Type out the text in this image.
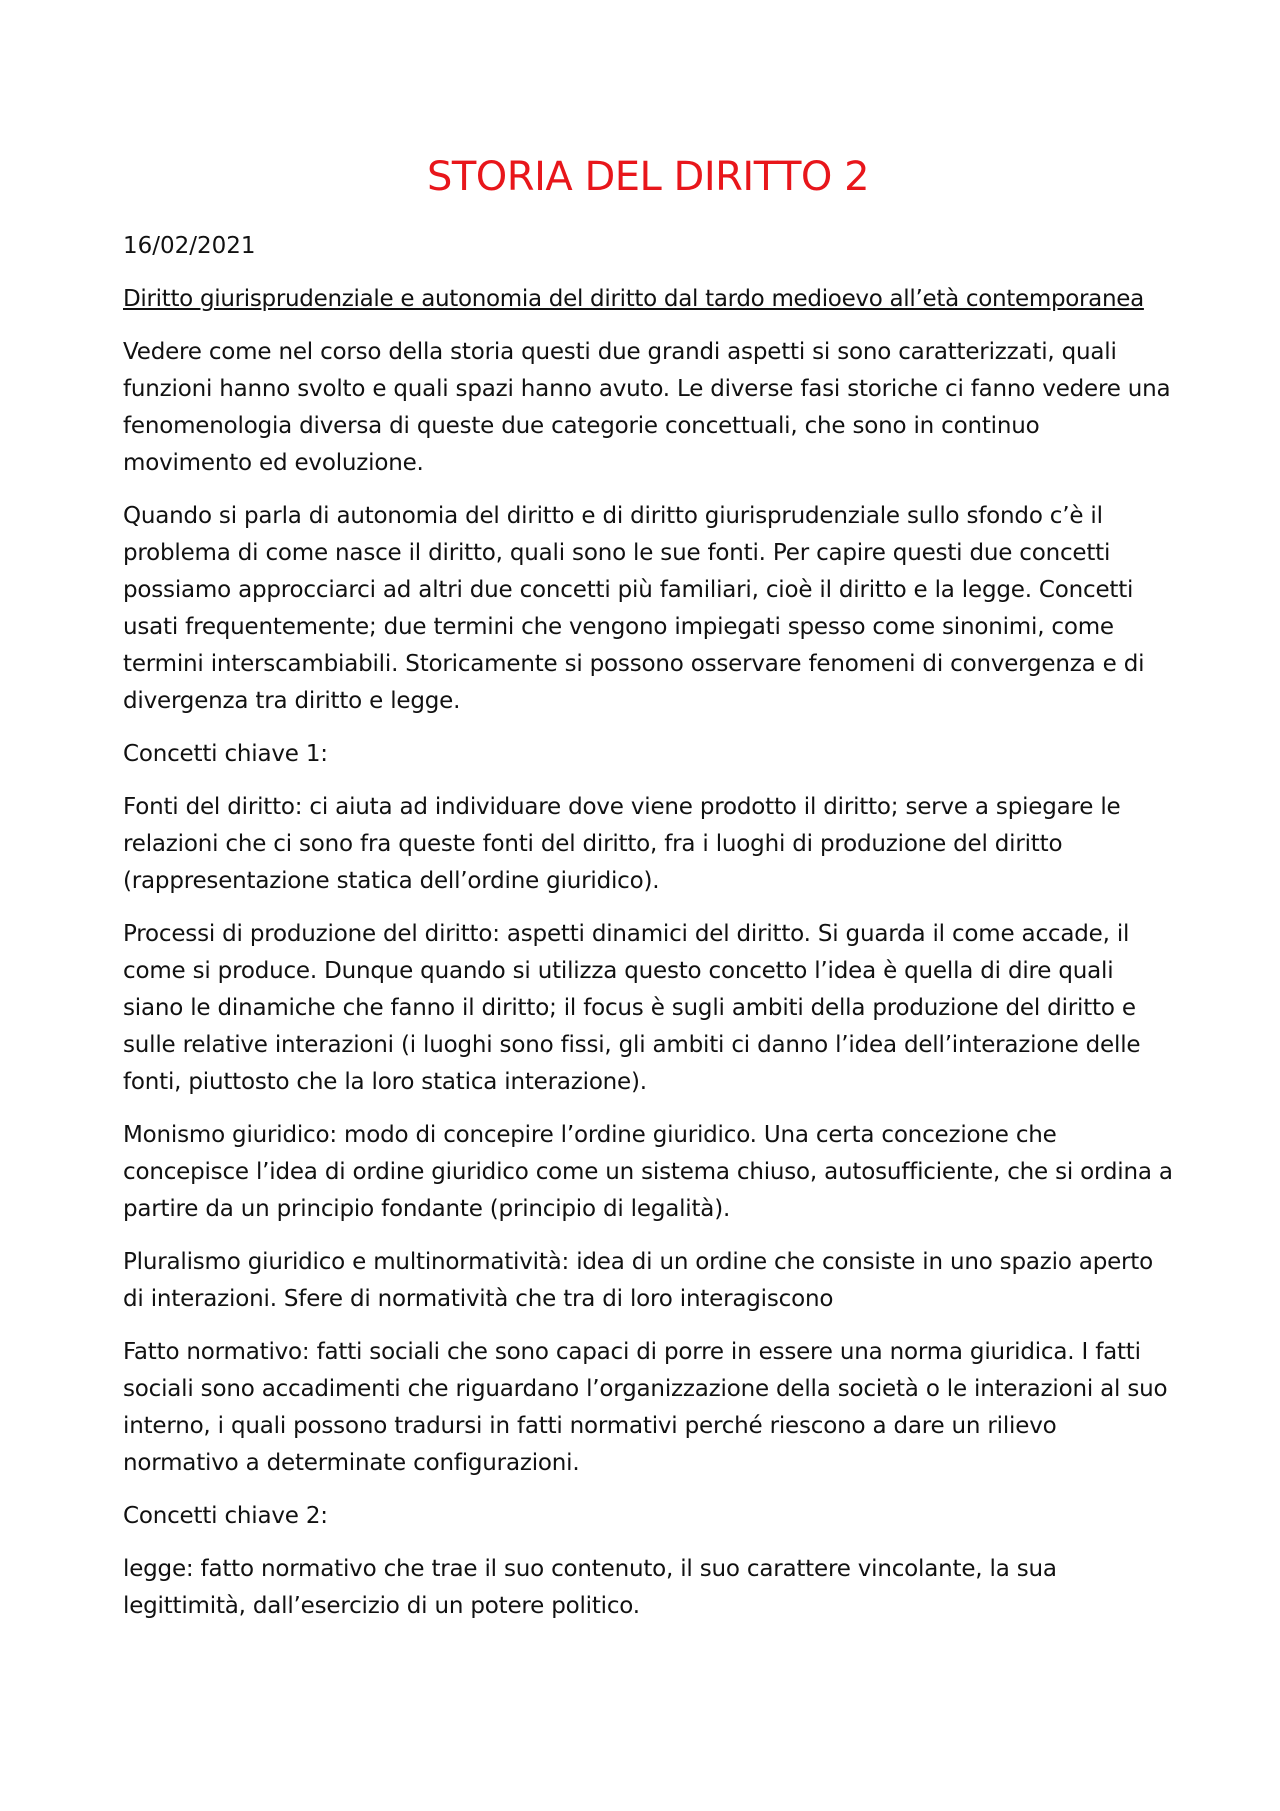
STORIA DEL DIRITTO 2
16/02/2021
Diritto giurisprudenziale e autonomia del diritto dal tardo medioevo all’età contemporanea

Vedere come nel corso della storia questi due grandi aspetti si sono caratterizzati, quali funzioni hanno svolto e quali spazi hanno avuto. Le diverse fasi storiche ci fanno vedere una fenomenologia diversa di queste due categorie concettuali, che sono in continuo movimento ed evoluzione.

Quando si parla di autonomia del diritto e di diritto giurisprudenziale sullo sfondo c’è il problema di come nasce il diritto, quali sono le sue fonti. Per capire questi due concetti possiamo approcciarci ad altri due concetti più familiari, cioè il diritto e la legge. Concetti usati frequentemente; due termini che vengono impiegati spesso come sinonimi, come termini interscambiabili. Storicamente si possono osservare fenomeni di convergenza e di divergenza tra diritto e legge.

Concetti chiave 1:

Fonti del diritto: ci aiuta ad individuare dove viene prodotto il diritto; serve a spiegare le relazioni che ci sono fra queste fonti del diritto, fra i luoghi di produzione del diritto (rappresentazione statica dell’ordine giuridico).

Processi di produzione del diritto: aspetti dinamici del diritto. Si guarda il come accade, il come si produce. Dunque quando si utilizza questo concetto l’idea è quella di dire quali siano le dinamiche che fanno il diritto; il focus è sugli ambiti della produzione del diritto e sulle relative interazioni (i luoghi sono fissi, gli ambiti ci danno l’idea dell’interazione delle fonti, piuttosto che la loro statica interazione).

Monismo giuridico: modo di concepire l’ordine giuridico. Una certa concezione che concepisce l’idea di ordine giuridico come un sistema chiuso, autosufficiente, che si ordina a partire da un principio fondante (principio di legalità).

Pluralismo giuridico e multinormatività: idea di un ordine che consiste in uno spazio aperto di interazioni. Sfere di normatività che tra di loro interagiscono

Fatto normativo: fatti sociali che sono capaci di porre in essere una norma giuridica. I fatti sociali sono accadimenti che riguardano l’organizzazione della società o le interazioni al suo interno, i quali possono tradursi in fatti normativi perché riescono a dare un rilievo normativo a determinate configurazioni.

Concetti chiave 2:

legge: fatto normativo che trae il suo contenuto, il suo carattere vincolante, la sua legittimità, dall’esercizio di un potere politico.
